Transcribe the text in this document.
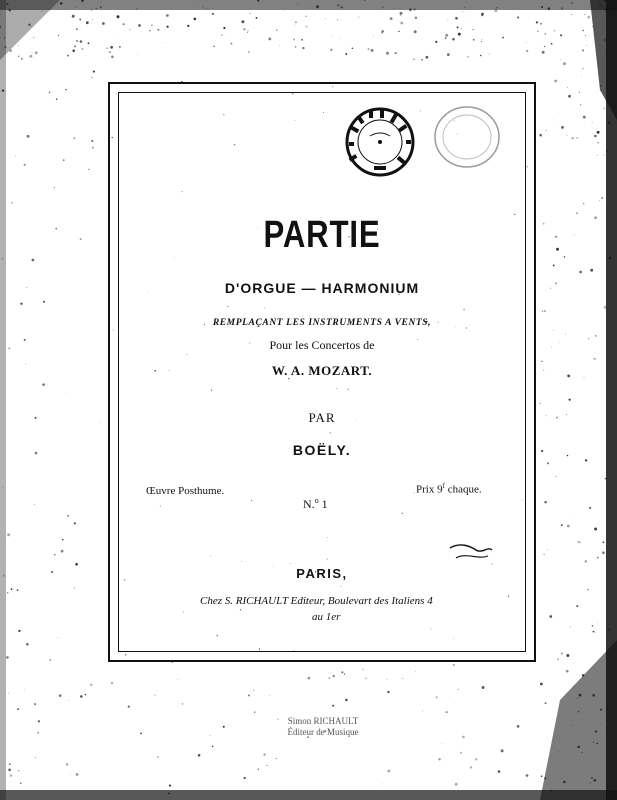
PARTIE
D'ORGUE — HARMONIUM
REMPLAÇANT LES INSTRUMENTS A VENTS,
Pour les Concertos de
W. A. MOZART.
PAR
BOËLY.
Œuvre Posthume.
N.$^o$ 1
Prix 9$^f$ chaque.
PARIS,
Chez S. RICHAULT Editeur, Boulevart des Italiens 4
au 1er
Simon RICHAULT
Éditeur de Musique
